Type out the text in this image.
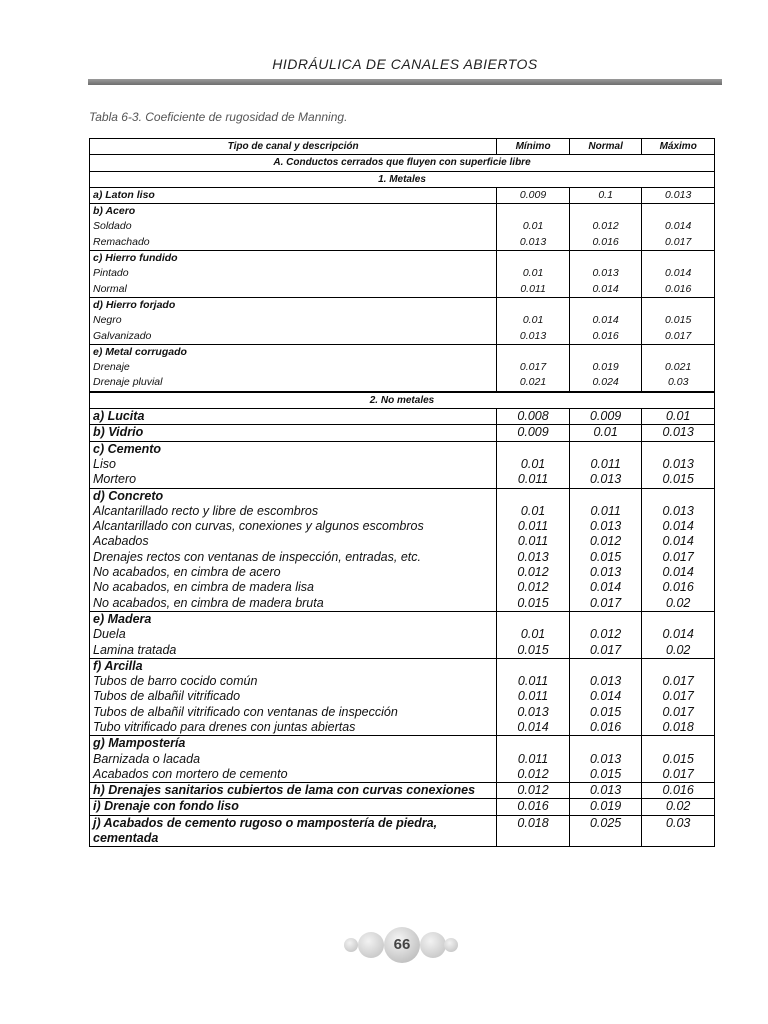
HIDRÁULICA DE CANALES ABIERTOS
Tabla 6-3. Coeficiente de rugosidad de Manning.
Tipo de canal y descripción	Mínimo	Normal	Máximo
A. Conductos cerrados que fluyen con superficie libre			
1. Metales			
a) Laton liso	0.009	0.1	0.013
b) Acero			
Soldado	0.01	0.012	0.014
Remachado	0.013	0.016	0.017
c) Hierro fundido			
Pintado	0.01	0.013	0.014
Normal	0.011	0.014	0.016
d) Hierro forjado			
Negro	0.01	0.014	0.015
Galvanizado	0.013	0.016	0.017
e) Metal corrugado			
Drenaje	0.017	0.019	0.021
Drenaje pluvial	0.021	0.024	0.03
2. No metales			
a) Lucita	0.008	0.009	0.01
b) Vidrio	0.009	0.01	0.013
c) Cemento			
Liso	0.01	0.011	0.013
Mortero	0.011	0.013	0.015
d) Concreto			
Alcantarillado recto y libre de escombros	0.01	0.011	0.013
Alcantarillado con curvas, conexiones y algunos escombros	0.011	0.013	0.014
Acabados	0.011	0.012	0.014
Drenajes rectos con ventanas de inspección, entradas, etc.	0.013	0.015	0.017
No acabados, en cimbra de acero	0.012	0.013	0.014
No acabados, en cimbra de madera lisa	0.012	0.014	0.016
No acabados, en cimbra de madera bruta	0.015	0.017	0.02
e) Madera			
Duela	0.01	0.012	0.014
Lamina tratada	0.015	0.017	0.02
f) Arcilla			
Tubos de barro cocido común	0.011	0.013	0.017
Tubos de albañil vitrificado	0.011	0.014	0.017
Tubos de albañil vitrificado con ventanas de inspección	0.013	0.015	0.017
Tubo vitrificado para drenes con juntas abiertas	0.014	0.016	0.018
g) Mampostería			
Barnizada o lacada	0.011	0.013	0.015
Acabados con mortero de cemento	0.012	0.015	0.017
h) Drenajes sanitarios cubiertos de lama con curvas conexiones	0.012	0.013	0.016
i) Drenaje con fondo liso	0.016	0.019	0.02
j) Acabados de cemento rugoso o mampostería de piedra, cementada	0.018	0.025	0.03
66
